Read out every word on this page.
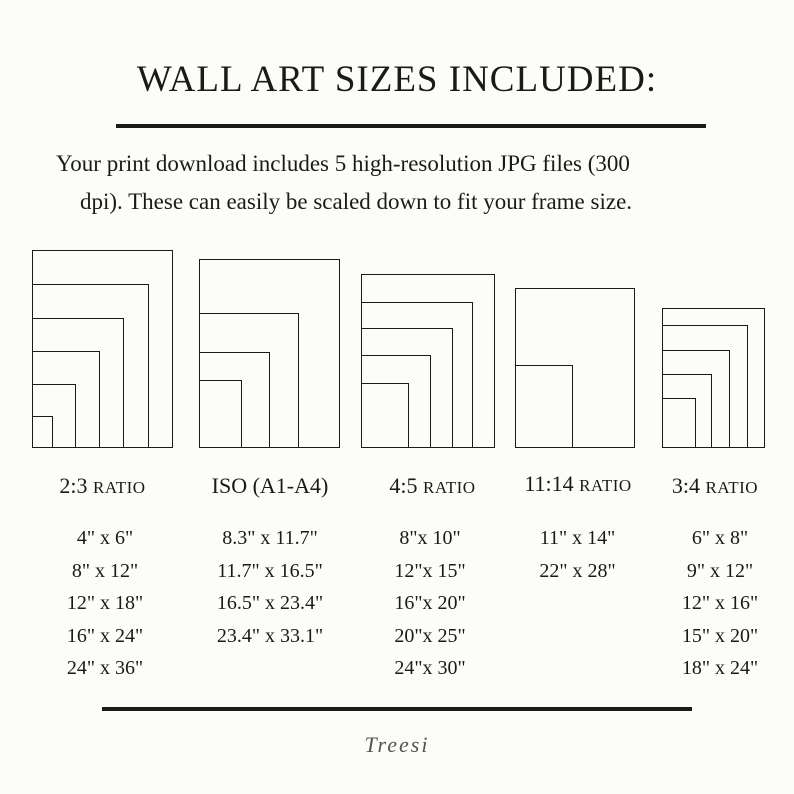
WALL ART SIZES INCLUDED:

Your print download includes 5 high-resolution JPG files (300
dpi). These can easily be scaled down to fit your frame size.

2:3 RATIO
4" x 6"
8" x 12"
12" x 18"
16" x 24"
24" x 36"
ISO (A1-A4)
8.3" x 11.7"
11.7" x 16.5"
16.5" x 23.4"
23.4" x 33.1"
4:5 RATIO
8"x 10"
12"x 15"
16"x 20"
20"x 25"
24"x 30"
11:14 RATIO
11" x 14"
22" x 28"
3:4 RATIO
6" x 8"
9" x 12"
12" x 16"
15" x 20"
18" x 24"
Treesi
